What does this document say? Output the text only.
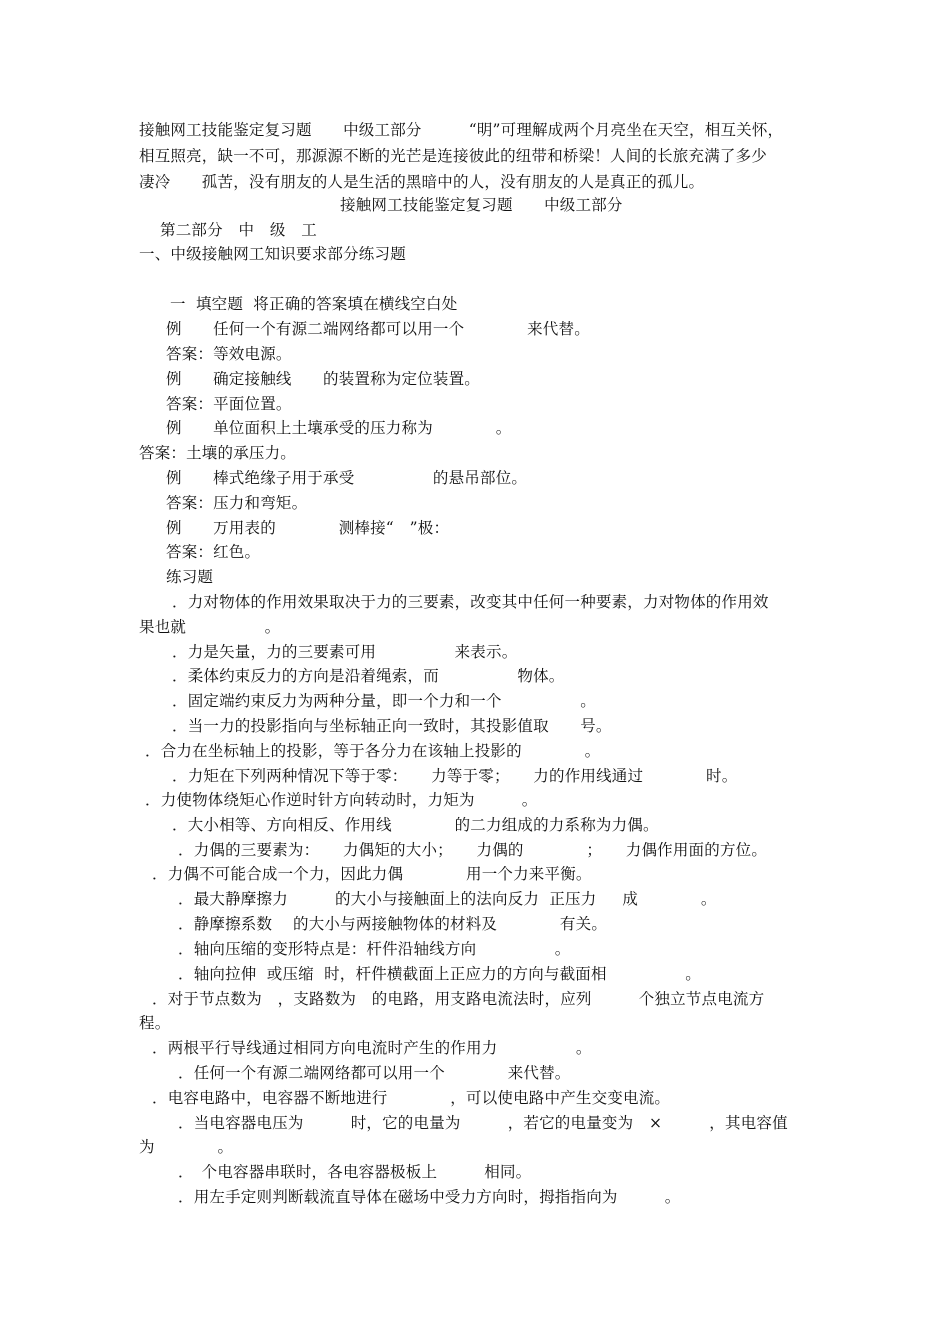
接触网工技能鉴定复习题　　中级工部分　　　“明”可理解成两个月亮坐在天空，相互关怀，
相互照亮，缺一不可，那源源不断的光芒是连接彼此的纽带和桥梁！人间的长旅充满了多少
凄冷　　孤苦，没有朋友的人是生活的黑暗中的人，没有朋友的人是真正的孤儿。
接触网工技能鉴定复习题　　中级工部分
第二部分　中　级　工
一、中级接触网工知识要求部分练习题
一  填空题  将正确的答案填在横线空白处
例　　任何一个有源二端网络都可以用一个　　　　来代替。
答案：等效电源。
例　　确定接触线　　的装置称为定位装置。
答案：平面位置。
例　　单位面积上土壤承受的压力称为　　　　。
答案：土壤的承压力。
例　　棒式绝缘子用于承受　　　　　的悬吊部位。
答案：压力和弯矩。
例　　万用表的　　　　测棒接“　”极：
答案：红色。
练习题
．力对物体的作用效果取决于力的三要素，改变其中任何一种要素，力对物体的作用效
果也就　　　　　。
．力是矢量，力的三要素可用　　　　　来表示。
．柔体约束反力的方向是沿着绳索，而　　　　　物体。
．固定端约束反力为两种分量，即一个力和一个　　　　　。
．当一力的投影指向与坐标轴正向一致时，其投影值取　　号。
．合力在坐标轴上的投影，等于各分力在该轴上投影的　　　　。
．力矩在下列两种情况下等于零：　　力等于零；　　力的作用线通过　　　　时。
．力使物体绕矩心作逆时针方向转动时，力矩为　　　。
．大小相等、方向相反、作用线　　　　的二力组成的力系称为力偶。
．力偶的三要素为：　　力偶矩的大小；　　力偶的　　　　；　　力偶作用面的方位。
．力偶不可能合成一个力，因此力偶　　　　用一个力来平衡。
．最大静摩擦力　　　的大小与接触面上的法向反力  正压力　  成　　　　。
．静摩擦系数　 的大小与两接触物体的材料及　　　　有关。
．轴向压缩的变形特点是：杆件沿轴线方向　　　　　。
．轴向拉伸  或压缩  时，杆件横截面上正应力的方向与截面相　　　　　。
．对于节点数为　，支路数为　的电路，用支路电流法时，应列　　　个独立节点电流方
程。
．两根平行导线通过相同方向电流时产生的作用力　　　　　。
．任何一个有源二端网络都可以用一个　　　　来代替。
．电容电路中，电容器不断地进行　　　　，可以使电路中产生交变电流。
．当电容器电压为　　　时，它的电量为　　　，若它的电量变为　×　　　，其电容值
为　　　　。
．　个电容器串联时，各电容器极板上　　　相同。
．用左手定则判断载流直导体在磁场中受力方向时，拇指指向为　　　。
